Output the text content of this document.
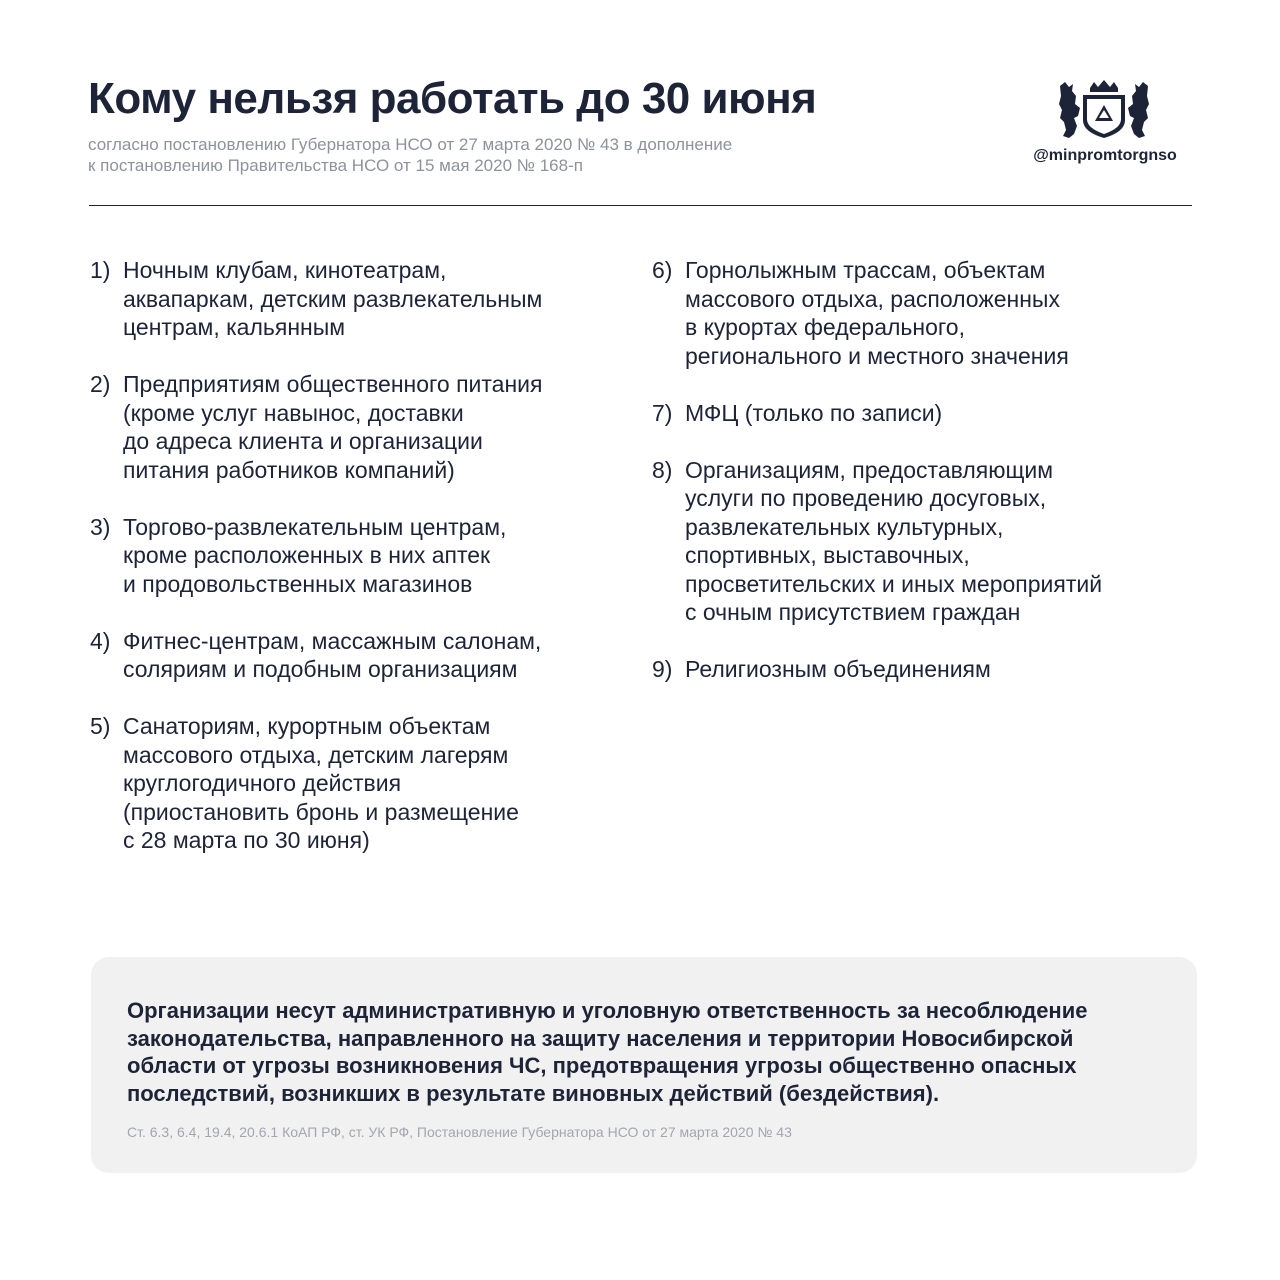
Кому нельзя работать до 30 июня
согласно постановлению Губернатора НСО от 27 марта 2020 № 43 в дополнение
к постановлению Правительства НСО от 15 мая 2020 № 168-п
@minpromtorgnso
1) Ночным клубам, кинотеатрам,
аквапаркам, детским развлекательным
центрам, кальянным
2) Предприятиям общественного питания
(кроме услуг навынос, доставки
до адреса клиента и организации
питания работников компаний)
3) Торгово-развлекательным центрам,
кроме расположенных в них аптек
и продовольственных магазинов
4) Фитнес-центрам, массажным салонам,
соляриям и подобным организациям
5) Санаториям, курортным объектам
массового отдыха, детским лагерям
круглогодичного действия
(приостановить бронь и размещение
с 28 марта по 30 июня)
6) Горнолыжным трассам, объектам
массового отдыха, расположенных
в курортах федерального,
регионального и местного значения
7) МФЦ (только по записи)
8) Организациям, предоставляющим
услуги по проведению досуговых,
развлекательных культурных,
спортивных, выставочных,
просветительских и иных мероприятий
с очным присутствием граждан
9) Религиозным объединениям
Организации несут административную и уголовную ответственность за несоблюдение
законодательства, направленного на защиту населения и территории Новосибирской
области от угрозы возникновения ЧС, предотвращения угрозы общественно опасных
последствий, возникших в результате виновных действий (бездействия).
Ст. 6.3, 6.4, 19.4, 20.6.1 КоАП РФ, ст. УК РФ, Постановление Губернатора НСО от 27 марта 2020 № 43
